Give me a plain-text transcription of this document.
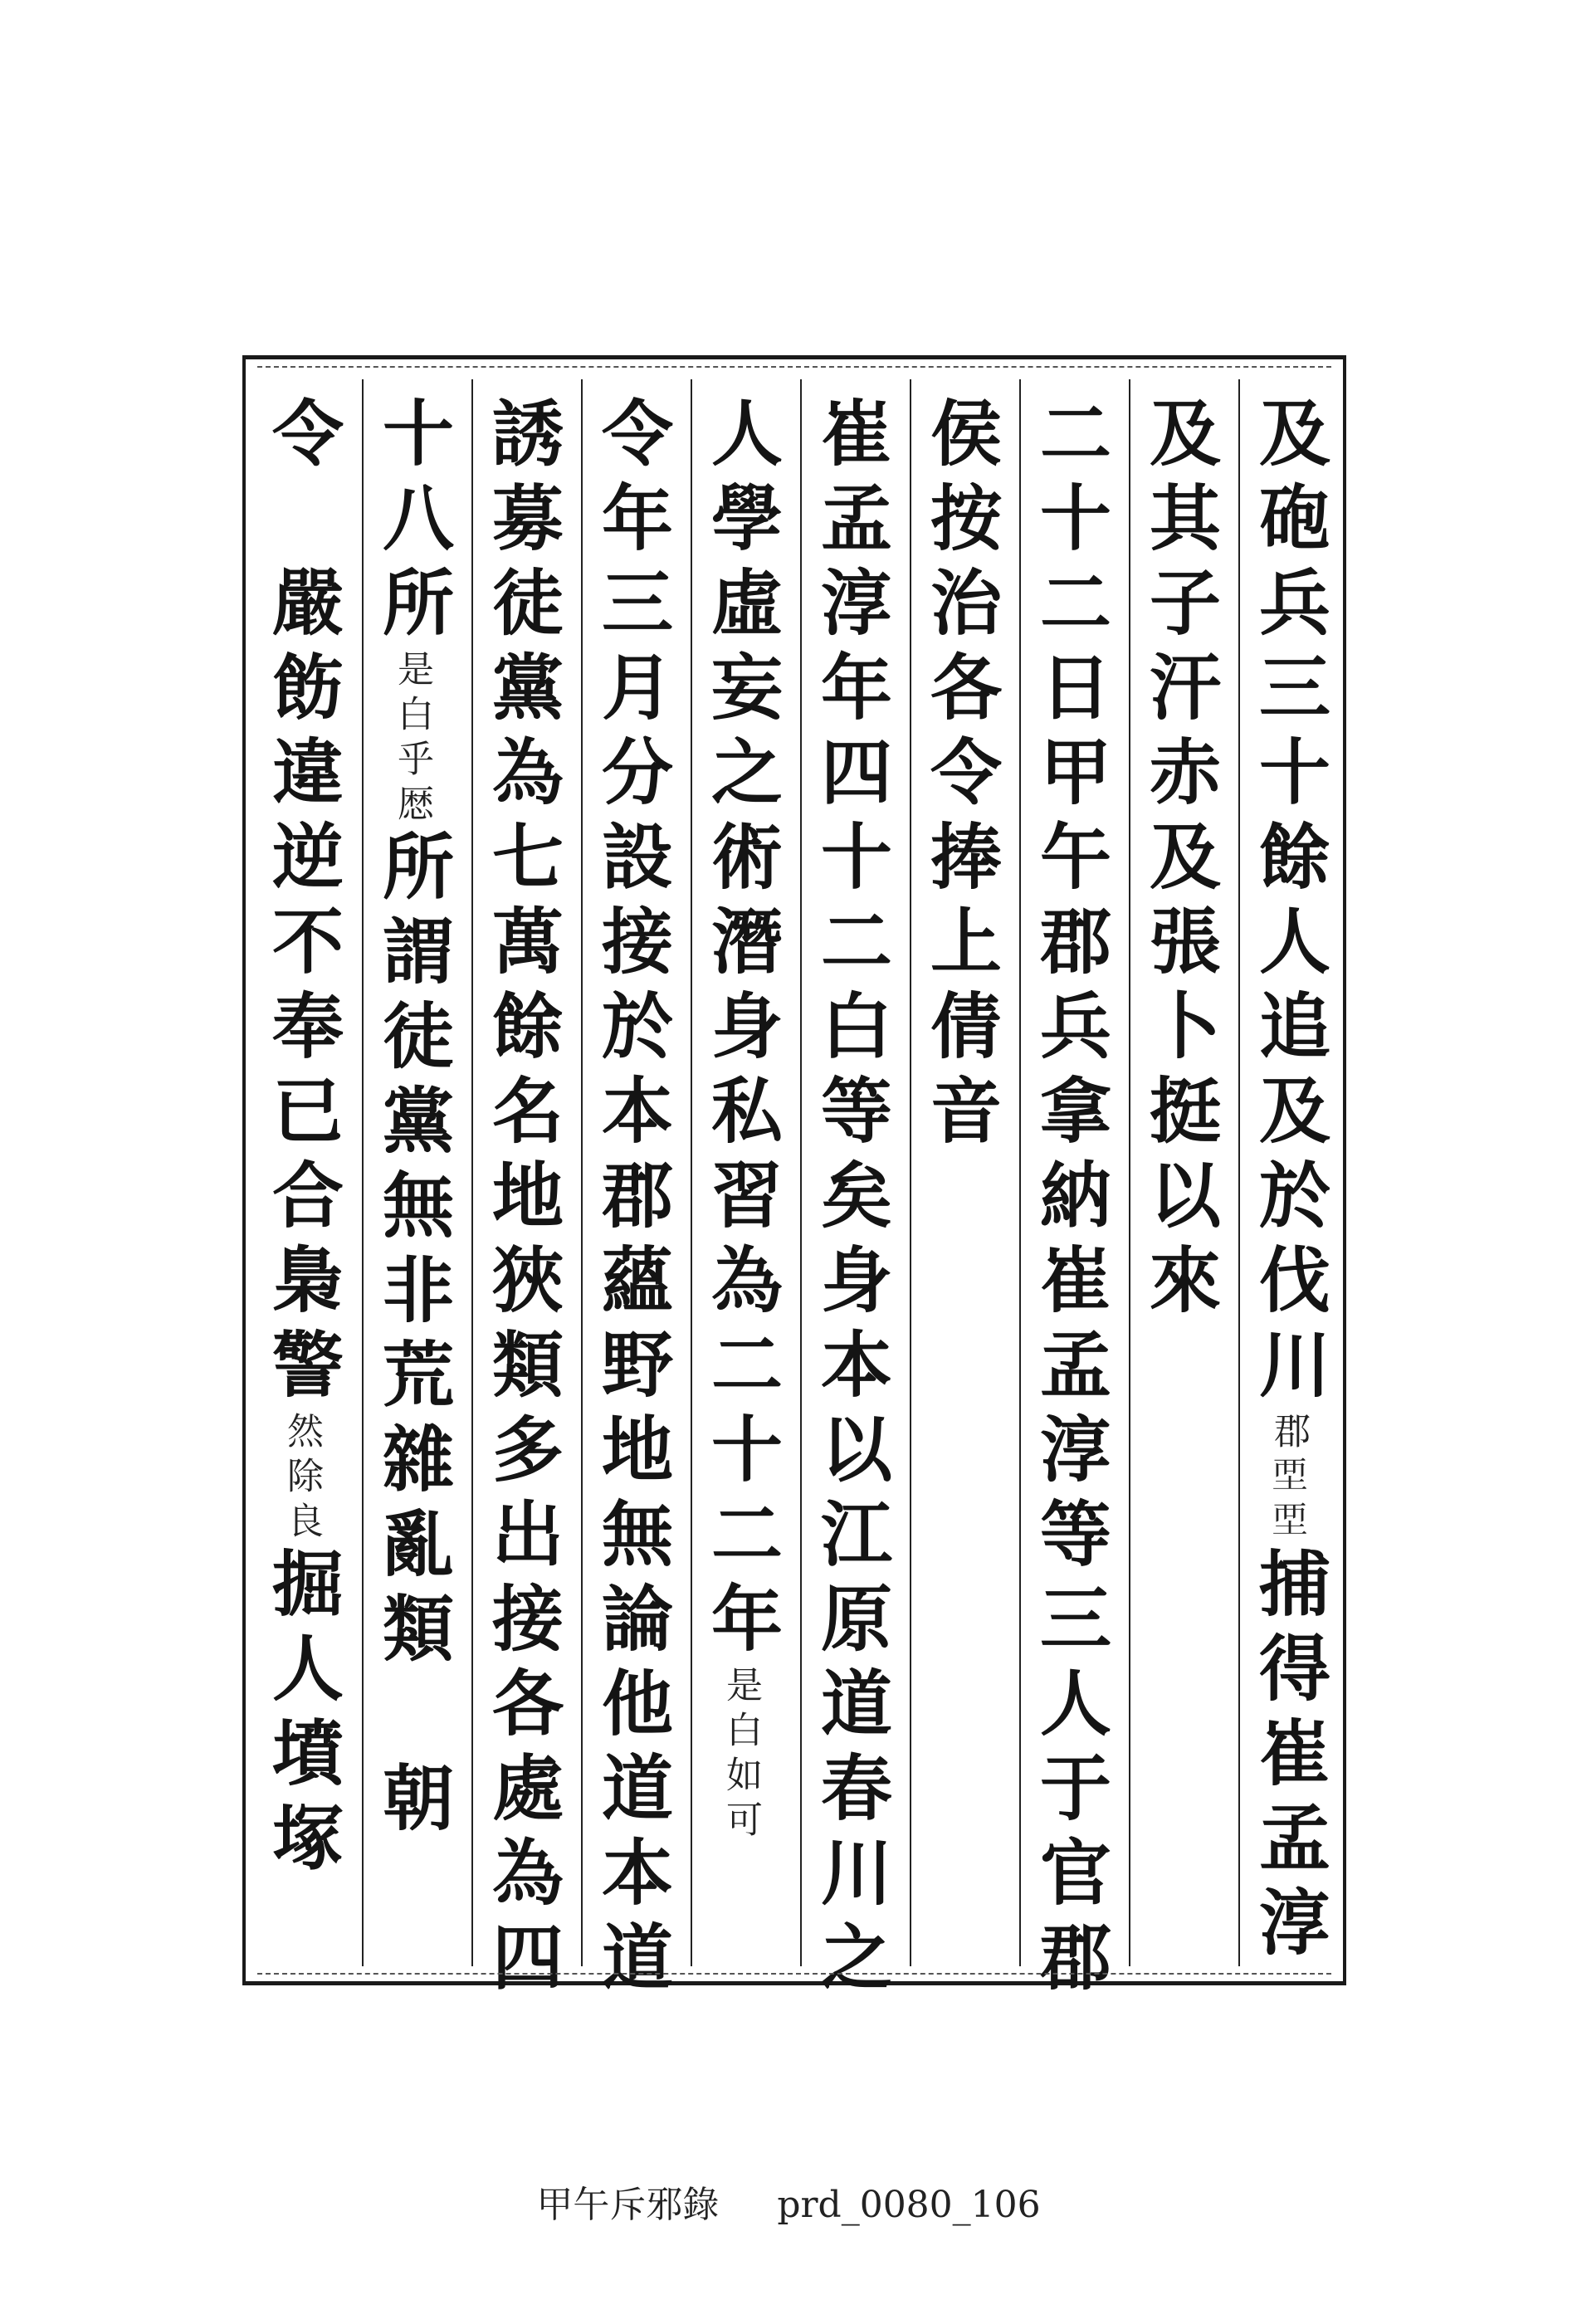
及砲兵三十餘人追及於伐川
郡𡊹𡊹
捕得崔孟淳
及其子汗赤及張卜挺以來
二十二日甲午郡兵拿納崔孟淳等三人于官
郡
侯按治各令捧上倩音
崔孟淳年四十二白等矣身本以江原道春川之
人學虛妄之術潛身私習為二十二年
是白如可
令年三月分設接於本郡蘊野地無論他道本道
誘募徒黨為七萬餘名地狹類多出接各處為四
十八所
是白乎𢟍
所謂徒黨無非荒雜亂類　朝
令　嚴飭違逆不奉已合梟警
然除良
掘人墳塚
甲午斥邪錄 prd_0080_106
